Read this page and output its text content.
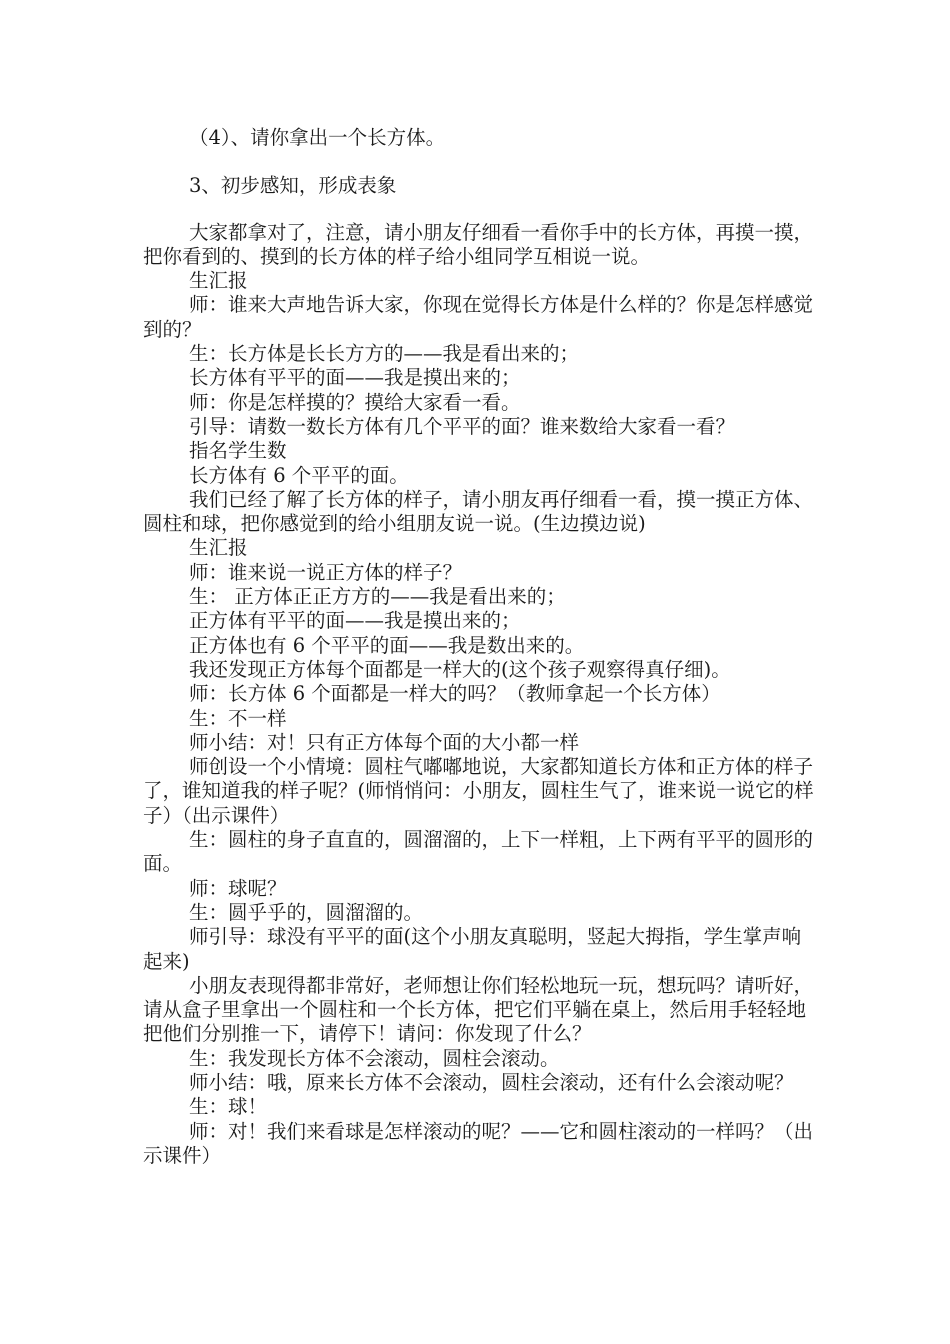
（4）、请你拿出一个长方体。

3、初步感知，形成表象

大家都拿对了，注意，请小朋友仔细看一看你手中的长方体，再摸一摸，把你看到的、摸到的长方体的样子给小组同学互相说一说。

生汇报

师：谁来大声地告诉大家，你现在觉得长方体是什么样的？你是怎样感觉到的？

生：长方体是长长方方的——我是看出来的；

长方体有平平的面——我是摸出来的；

师：你是怎样摸的？摸给大家看一看。

引导：请数一数长方体有几个平平的面？谁来数给大家看一看？

指名学生数

长方体有 6 个平平的面。

我们已经了解了长方体的样子，请小朋友再仔细看一看，摸一摸正方体、圆柱和球，把你感觉到的给小组朋友说一说。(生边摸边说)

生汇报

师：谁来说一说正方体的样子？

生： 正方体正正方方的——我是看出来的；

正方体有平平的面——我是摸出来的；

正方体也有 6 个平平的面——我是数出来的。

我还发现正方体每个面都是一样大的(这个孩子观察得真仔细)。

师：长方体 6 个面都是一样大的吗？（教师拿起一个长方体）

生：不一样

师小结：对！只有正方体每个面的大小都一样

师创设一个小情境：圆柱气嘟嘟地说，大家都知道长方体和正方体的样子了，谁知道我的样子呢？(师悄悄问：小朋友，圆柱生气了，谁来说一说它的样子）（出示课件）

生：圆柱的身子直直的，圆溜溜的，上下一样粗，上下两有平平的圆形的面。

师：球呢？

生：圆乎乎的，圆溜溜的。

师引导：球没有平平的面(这个小朋友真聪明，竖起大拇指，学生掌声响起来)

小朋友表现得都非常好，老师想让你们轻松地玩一玩，想玩吗？请听好，请从盒子里拿出一个圆柱和一个长方体，把它们平躺在桌上，然后用手轻轻地把他们分别推一下，请停下！请问：你发现了什么？

生：我发现长方体不会滚动，圆柱会滚动。

师小结：哦，原来长方体不会滚动，圆柱会滚动，还有什么会滚动呢？

生：球！

师：对！我们来看球是怎样滚动的呢？——它和圆柱滚动的一样吗？（出示课件）
